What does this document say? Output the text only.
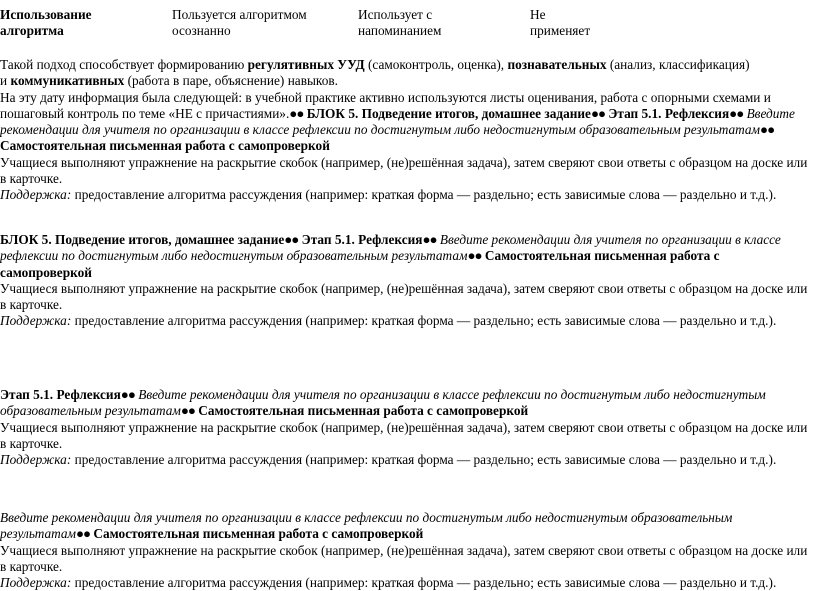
Использование
алгоритма
Пользуется алгоритмом
осознанно
Использует с
напоминанием
Не
применяет

Такой подход способствует формированию регулятивных УУД (самоконтроль, оценка), познавательных (анализ, классификация)
и коммуникативных (работа в паре, объяснение) навыков.

На эту дату информация была следующей: в учебной практике активно используются листы оценивания, работа с опорными схемами и пошаговый контроль по теме «НЕ с причастиями».●● БЛОК 5. Подведение итогов, домашнее задание●● Этап 5.1. Рефлексия●● Введите рекомендации для учителя по организации в классе рефлексии по достигнутым либо недостигнутым образовательным результатам●● Самостоятельная письменная работа с самопроверкой

Учащиеся выполняют упражнение на раскрытие скобок (например, (не)решённая задача), затем сверяют свои ответы с образцом на доске или в карточке.

Поддержка: предоставление алгоритма рассуждения (например: краткая форма — раздельно; есть зависимые слова — раздельно и т.д.).

БЛОК 5. Подведение итогов, домашнее задание●● Этап 5.1. Рефлексия●● Введите рекомендации для учителя по организации в классе рефлексии по достигнутым либо недостигнутым образовательным результатам●● Самостоятельная письменная работа с самопроверкой

Учащиеся выполняют упражнение на раскрытие скобок (например, (не)решённая задача), затем сверяют свои ответы с образцом на доске или в карточке.

Поддержка: предоставление алгоритма рассуждения (например: краткая форма — раздельно; есть зависимые слова — раздельно и т.д.).

Этап 5.1. Рефлексия●● Введите рекомендации для учителя по организации в классе рефлексии по достигнутым либо недостигнутым образовательным результатам●● Самостоятельная письменная работа с самопроверкой

Учащиеся выполняют упражнение на раскрытие скобок (например, (не)решённая задача), затем сверяют свои ответы с образцом на доске или в карточке.

Поддержка: предоставление алгоритма рассуждения (например: краткая форма — раздельно; есть зависимые слова — раздельно и т.д.).

Введите рекомендации для учителя по организации в классе рефлексии по достигнутым либо недостигнутым образовательным результатам●● Самостоятельная письменная работа с самопроверкой

Учащиеся выполняют упражнение на раскрытие скобок (например, (не)решённая задача), затем сверяют свои ответы с образцом на доске или в карточке.

Поддержка: предоставление алгоритма рассуждения (например: краткая форма — раздельно; есть зависимые слова — раздельно и т.д.).
